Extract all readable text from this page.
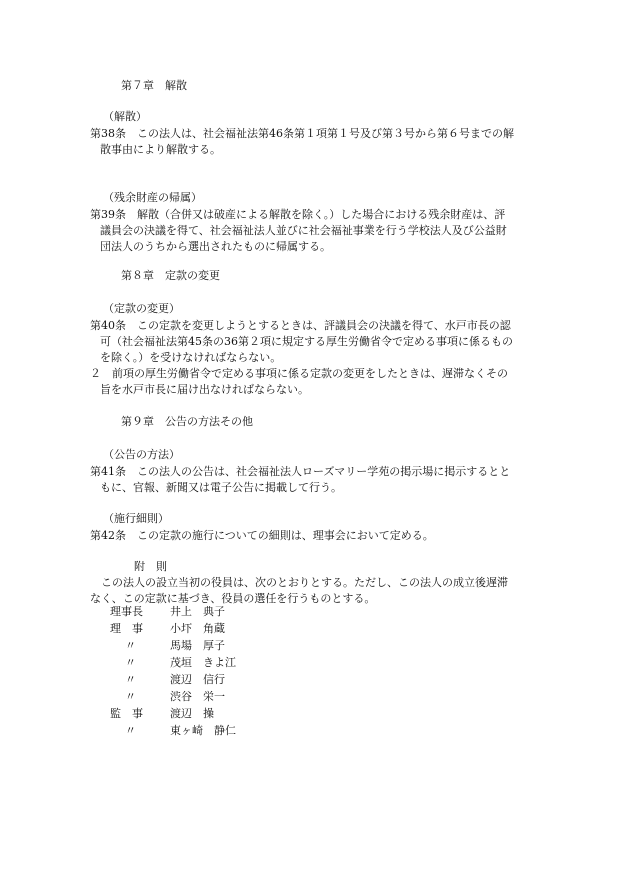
第７章　解散
（解散）
第38条　この法人は、社会福祉法第46条第１項第１号及び第３号から第６号までの解
散事由により解散する。
（残余財産の帰属）
第39条　解散（合併又は破産による解散を除く。）した場合における残余財産は、評
議員会の決議を得て、社会福祉法人並びに社会福祉事業を行う学校法人及び公益財
団法人のうちから選出されたものに帰属する。
第８章　定款の変更
（定款の変更）
第40条　この定款を変更しようとするときは、評議員会の決議を得て、水戸市長の認
可（社会福祉法第45条の36第２項に規定する厚生労働省令で定める事項に係るもの
を除く。）を受けなければならない。
２　前項の厚生労働省令で定める事項に係る定款の変更をしたときは、遅滞なくその
旨を水戸市長に届け出なければならない。
第９章　公告の方法その他
（公告の方法）
第41条　この法人の公告は、社会福祉法人ローズマリー学苑の掲示場に掲示するとと
もに、官報、新聞又は電子公告に掲載して行う。
（施行細則）
第42条　この定款の施行についての細則は、理事会において定める。
附　則
　この法人の設立当初の役員は、次のとおりとする。ただし、この法人の成立後遅滞
なく、この定款に基づき、役員の選任を行うものとする。
理事長	井上　典子
理　事	小圷　角蔵
〃	馬場　厚子
〃	茂垣　きよ江
〃	渡辺　信行
〃	渋谷　栄一
監　事	渡辺　操
〃	東ヶ崎　静仁
